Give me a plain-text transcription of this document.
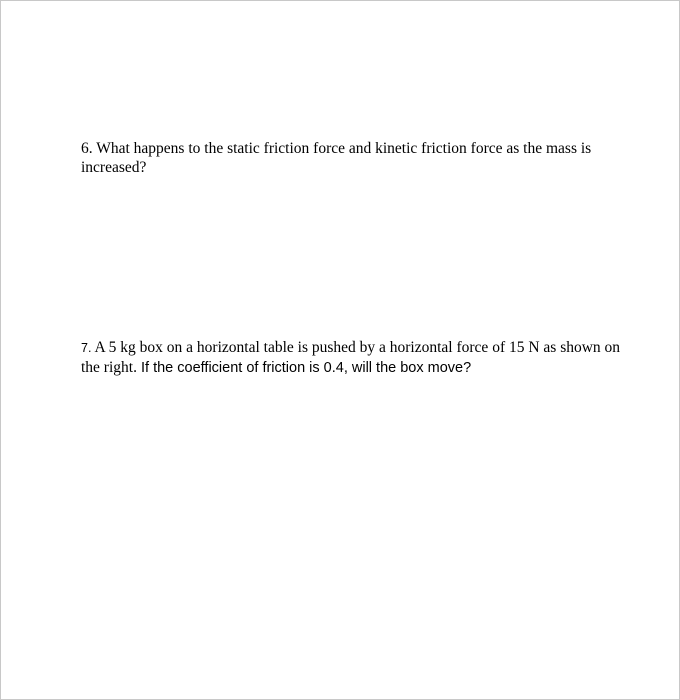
6. What happens to the static friction force and kinetic friction force as the mass is increased?
7. A 5 kg box on a horizontal table is pushed by a horizontal force of 15 N as shown on the right. If the coefficient of friction is 0.4, will the box move?
